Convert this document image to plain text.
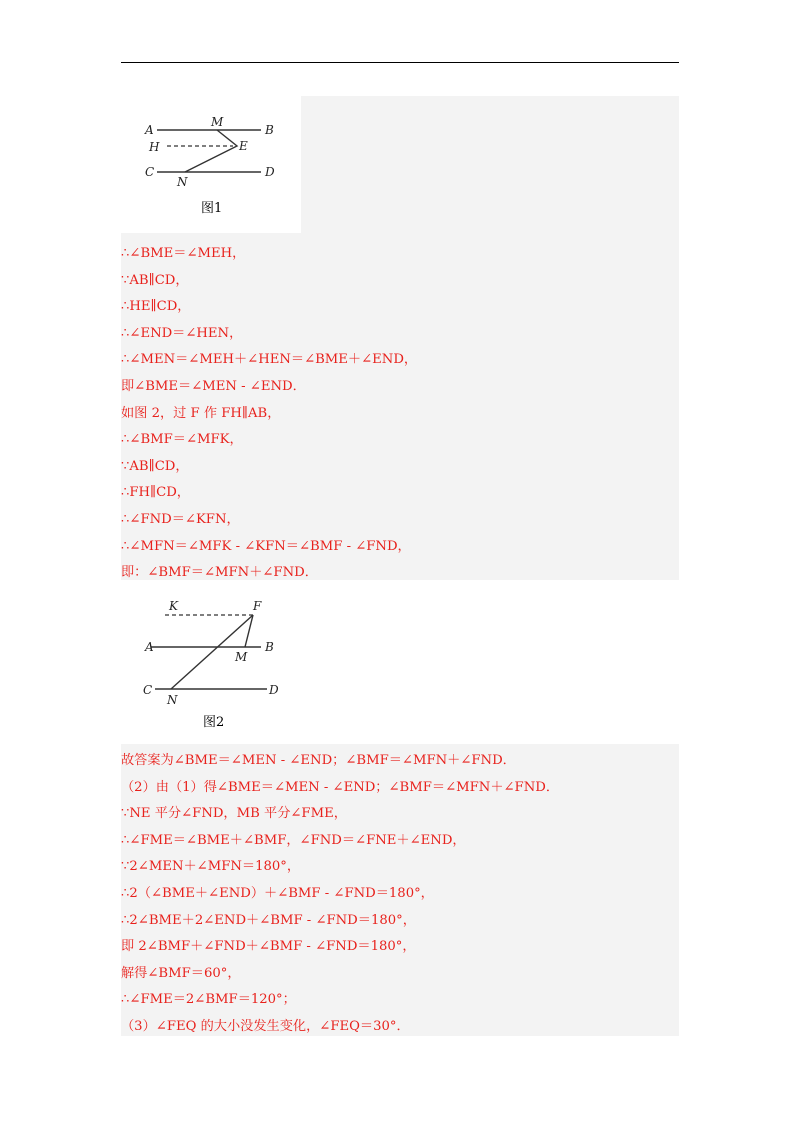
A
M
B
H	E
C
N
D
图1
∴∠BME＝∠MEH，
∵AB∥CD，
∴HE∥CD，
∴∠END＝∠HEN，
∴∠MEN＝∠MEH＋∠HEN＝∠BME＋∠END，
即∠BME＝∠MEN - ∠END．
如图 2，过 F 作 FH∥AB，
∴∠BMF＝∠MFK，
∵AB∥CD，
∴FH∥CD，
∴∠FND＝∠KFN，
∴∠MFN＝∠MFK - ∠KFN＝∠BMF - ∠FND，
即：∠BMF＝∠MFN＋∠FND．
K	F
A
M
B
C
N
D
图2
故答案为∠BME＝∠MEN - ∠END；∠BMF＝∠MFN＋∠FND．
（2）由（1）得∠BME＝∠MEN - ∠END；∠BMF＝∠MFN＋∠FND．
∵NE 平分∠FND，MB 平分∠FME，
∴∠FME＝∠BME＋∠BMF，∠FND＝∠FNE＋∠END，
∵2∠MEN＋∠MFN＝180°，
∴2（∠BME＋∠END）＋∠BMF - ∠FND＝180°，
∴2∠BME＋2∠END＋∠BMF - ∠FND＝180°，
即 2∠BMF＋∠FND＋∠BMF - ∠FND＝180°，
解得∠BMF＝60°，
∴∠FME＝2∠BMF＝120°；
（3）∠FEQ 的大小没发生变化，∠FEQ＝30°．
